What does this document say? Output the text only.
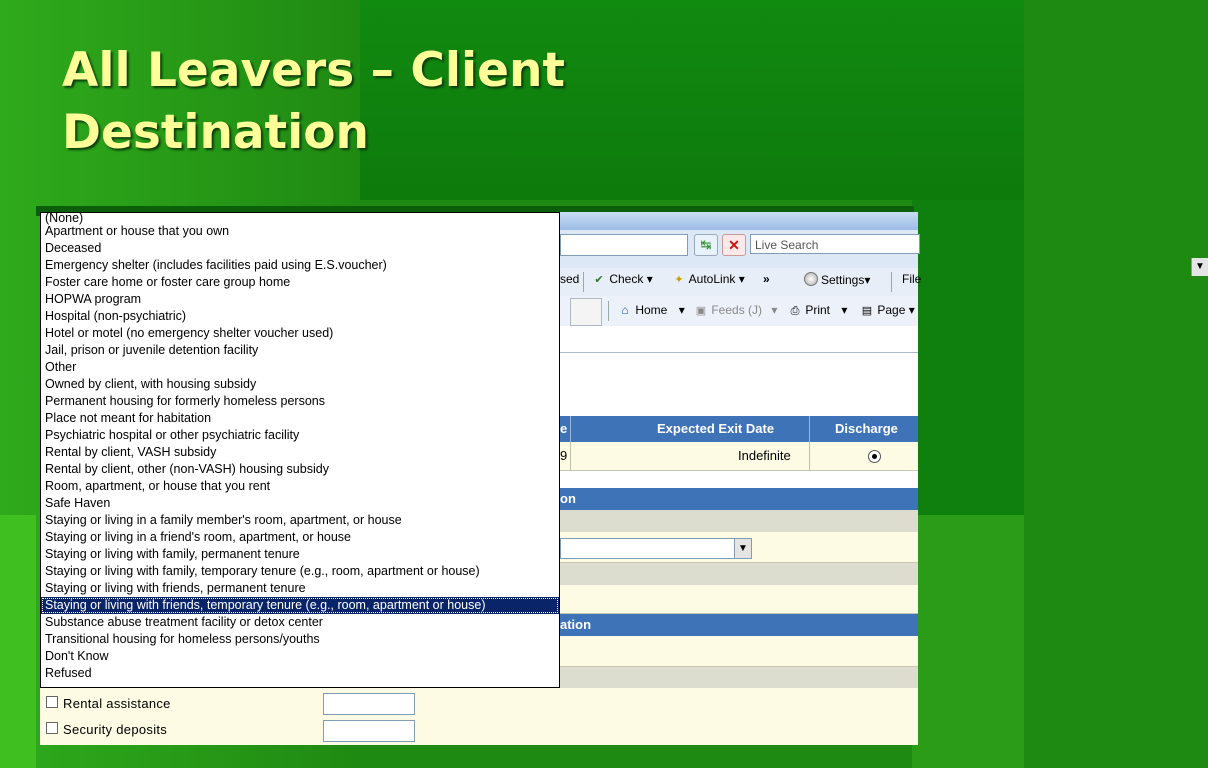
All Leavers – Client
Destination
▼
↹	✕	Live Search
sed ✔ Check ▾ ✦ AutoLink ▾ »	Settings▾	File
⌂ Home ▾ ▣ Feeds (J) ▾ ⎙ Print ▾ ▤ Page ▾
e	Expected Exit Date	Discharge
9	Indefinite
on
▼
ation
Rental assistance
Security deposits
(None)
Apartment or house that you own
Deceased
Emergency shelter (includes facilities paid using E.S.voucher)
Foster care home or foster care group home
HOPWA program
Hospital (non-psychiatric)
Hotel or motel (no emergency shelter voucher used)
Jail, prison or juvenile detention facility
Other
Owned by client, with housing subsidy
Permanent housing for formerly homeless persons
Place not meant for habitation
Psychiatric hospital or other psychiatric facility
Rental by client, VASH subsidy
Rental by client, other (non-VASH) housing subsidy
Room, apartment, or house that you rent
Safe Haven
Staying or living in a family member's room, apartment, or house
Staying or living in a friend's room, apartment, or house
Staying or living with family, permanent tenure
Staying or living with family, temporary tenure (e.g., room, apartment or house)
Staying or living with friends, permanent tenure
Staying or living with friends, temporary tenure (e.g., room, apartment or house)
Substance abuse treatment facility or detox center
Transitional housing for homeless persons/youths
Don't Know
Refused
